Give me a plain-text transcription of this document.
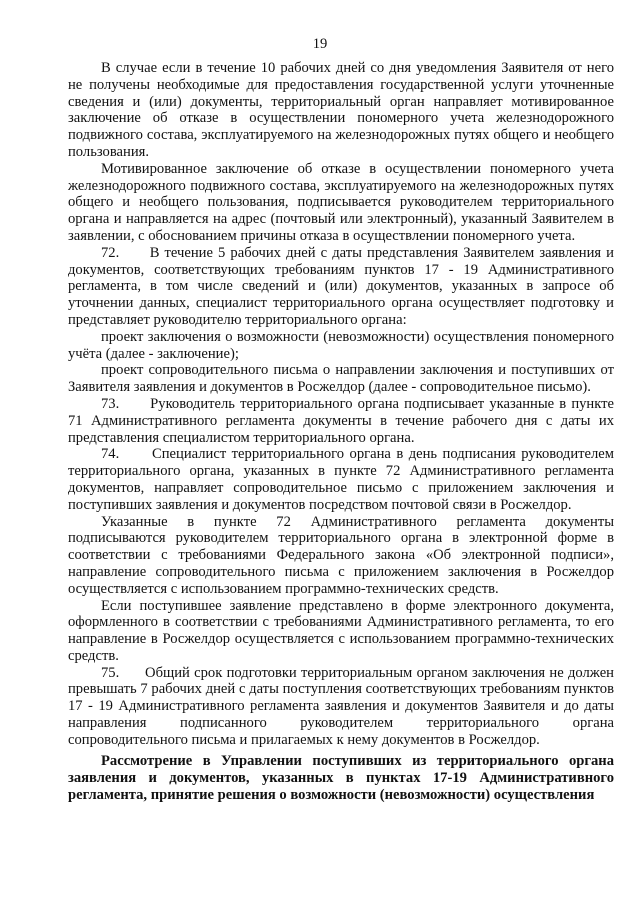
19

В случае если в течение 10 рабочих дней со дня уведомления Заявителя от него не получены необходимые для предоставления государственной услуги уточненные сведения и (или) документы, территориальный орган направляет мотивированное заключение об отказе в осуществлении пономерного учета железнодорожного подвижного состава, эксплуатируемого на железнодорожных путях общего и необщего пользования.

Мотивированное заключение об отказе в осуществлении пономерного учета железнодорожного подвижного состава, эксплуатируемого на железнодорожных путях общего и необщего пользования, подписывается руководителем территориального органа и направляется на адрес (почтовый или электронный), указанный Заявителем в заявлении, с обоснованием причины отказа в осуществлении пономерного учета.

72.      В течение 5 рабочих дней с даты представления Заявителем заявления и документов, соответствующих требованиям пунктов 17 - 19 Административного регламента, в том числе сведений и (или) документов, указанных в запросе об уточнении данных, специалист территориального органа осуществляет подготовку и представляет руководителю территориального органа:

проект заключения о возможности (невозможности) осуществления пономерного учёта (далее - заключение);

проект сопроводительного письма о направлении заключения и поступивших от Заявителя заявления и документов в Росжелдор (далее - сопроводительное письмо).

73.      Руководитель территориального органа подписывает указанные в пункте 71 Административного регламента документы в течение рабочего дня с даты их представления специалистом территориального органа.

74.      Специалист территориального органа в день подписания руководителем территориального органа, указанных в пункте 72 Административного регламента документов, направляет сопроводительное письмо с приложением заключения и поступивших заявления и документов посредством почтовой связи в Росжелдор.

Указанные в пункте 72 Административного регламента документы подписываются руководителем территориального органа в электронной форме в соответствии с требованиями Федерального закона «Об электронной подписи», направление сопроводительного письма с приложением заключения в Росжелдор осуществляется с использованием программно-технических средств.

Если поступившее заявление представлено в форме электронного документа, оформленного в соответствии с требованиями Административного регламента, то его направление в Росжелдор осуществляется с использованием программно-технических средств.

75.      Общий срок подготовки территориальным органом заключения не должен превышать 7 рабочих дней с даты поступления соответствующих требованиям пунктов 17 - 19 Административного регламента заявления и документов Заявителя и до даты направления подписанного руководителем территориального органа сопроводительного письма и прилагаемых к нему документов в Росжелдор.

Рассмотрение в Управлении поступивших из территориального органа заявления и документов, указанных в пунктах 17-19 Административного регламента, принятие решения о возможности (невозможности) осуществления
